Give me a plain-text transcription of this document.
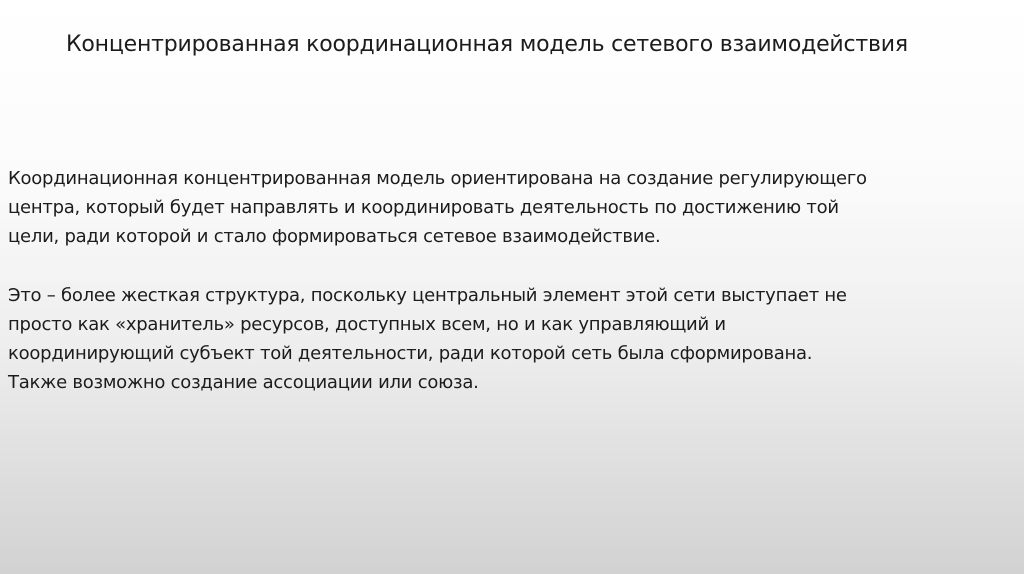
Концентрированная координационная модель сетевого взаимодействия

Координационная концентрированная модель ориентирована на создание регулирующего
центра, который будет направлять и координировать деятельность по достижению той
цели, ради которой и стало формироваться сетевое взаимодействие.

Это – более жесткая структура, поскольку центральный элемент этой сети выступает не
просто как «хранитель» ресурсов, доступных всем, но и как управляющий и
координирующий субъект той деятельности, ради которой сеть была сформирована.
Также возможно создание ассоциации или союза.
